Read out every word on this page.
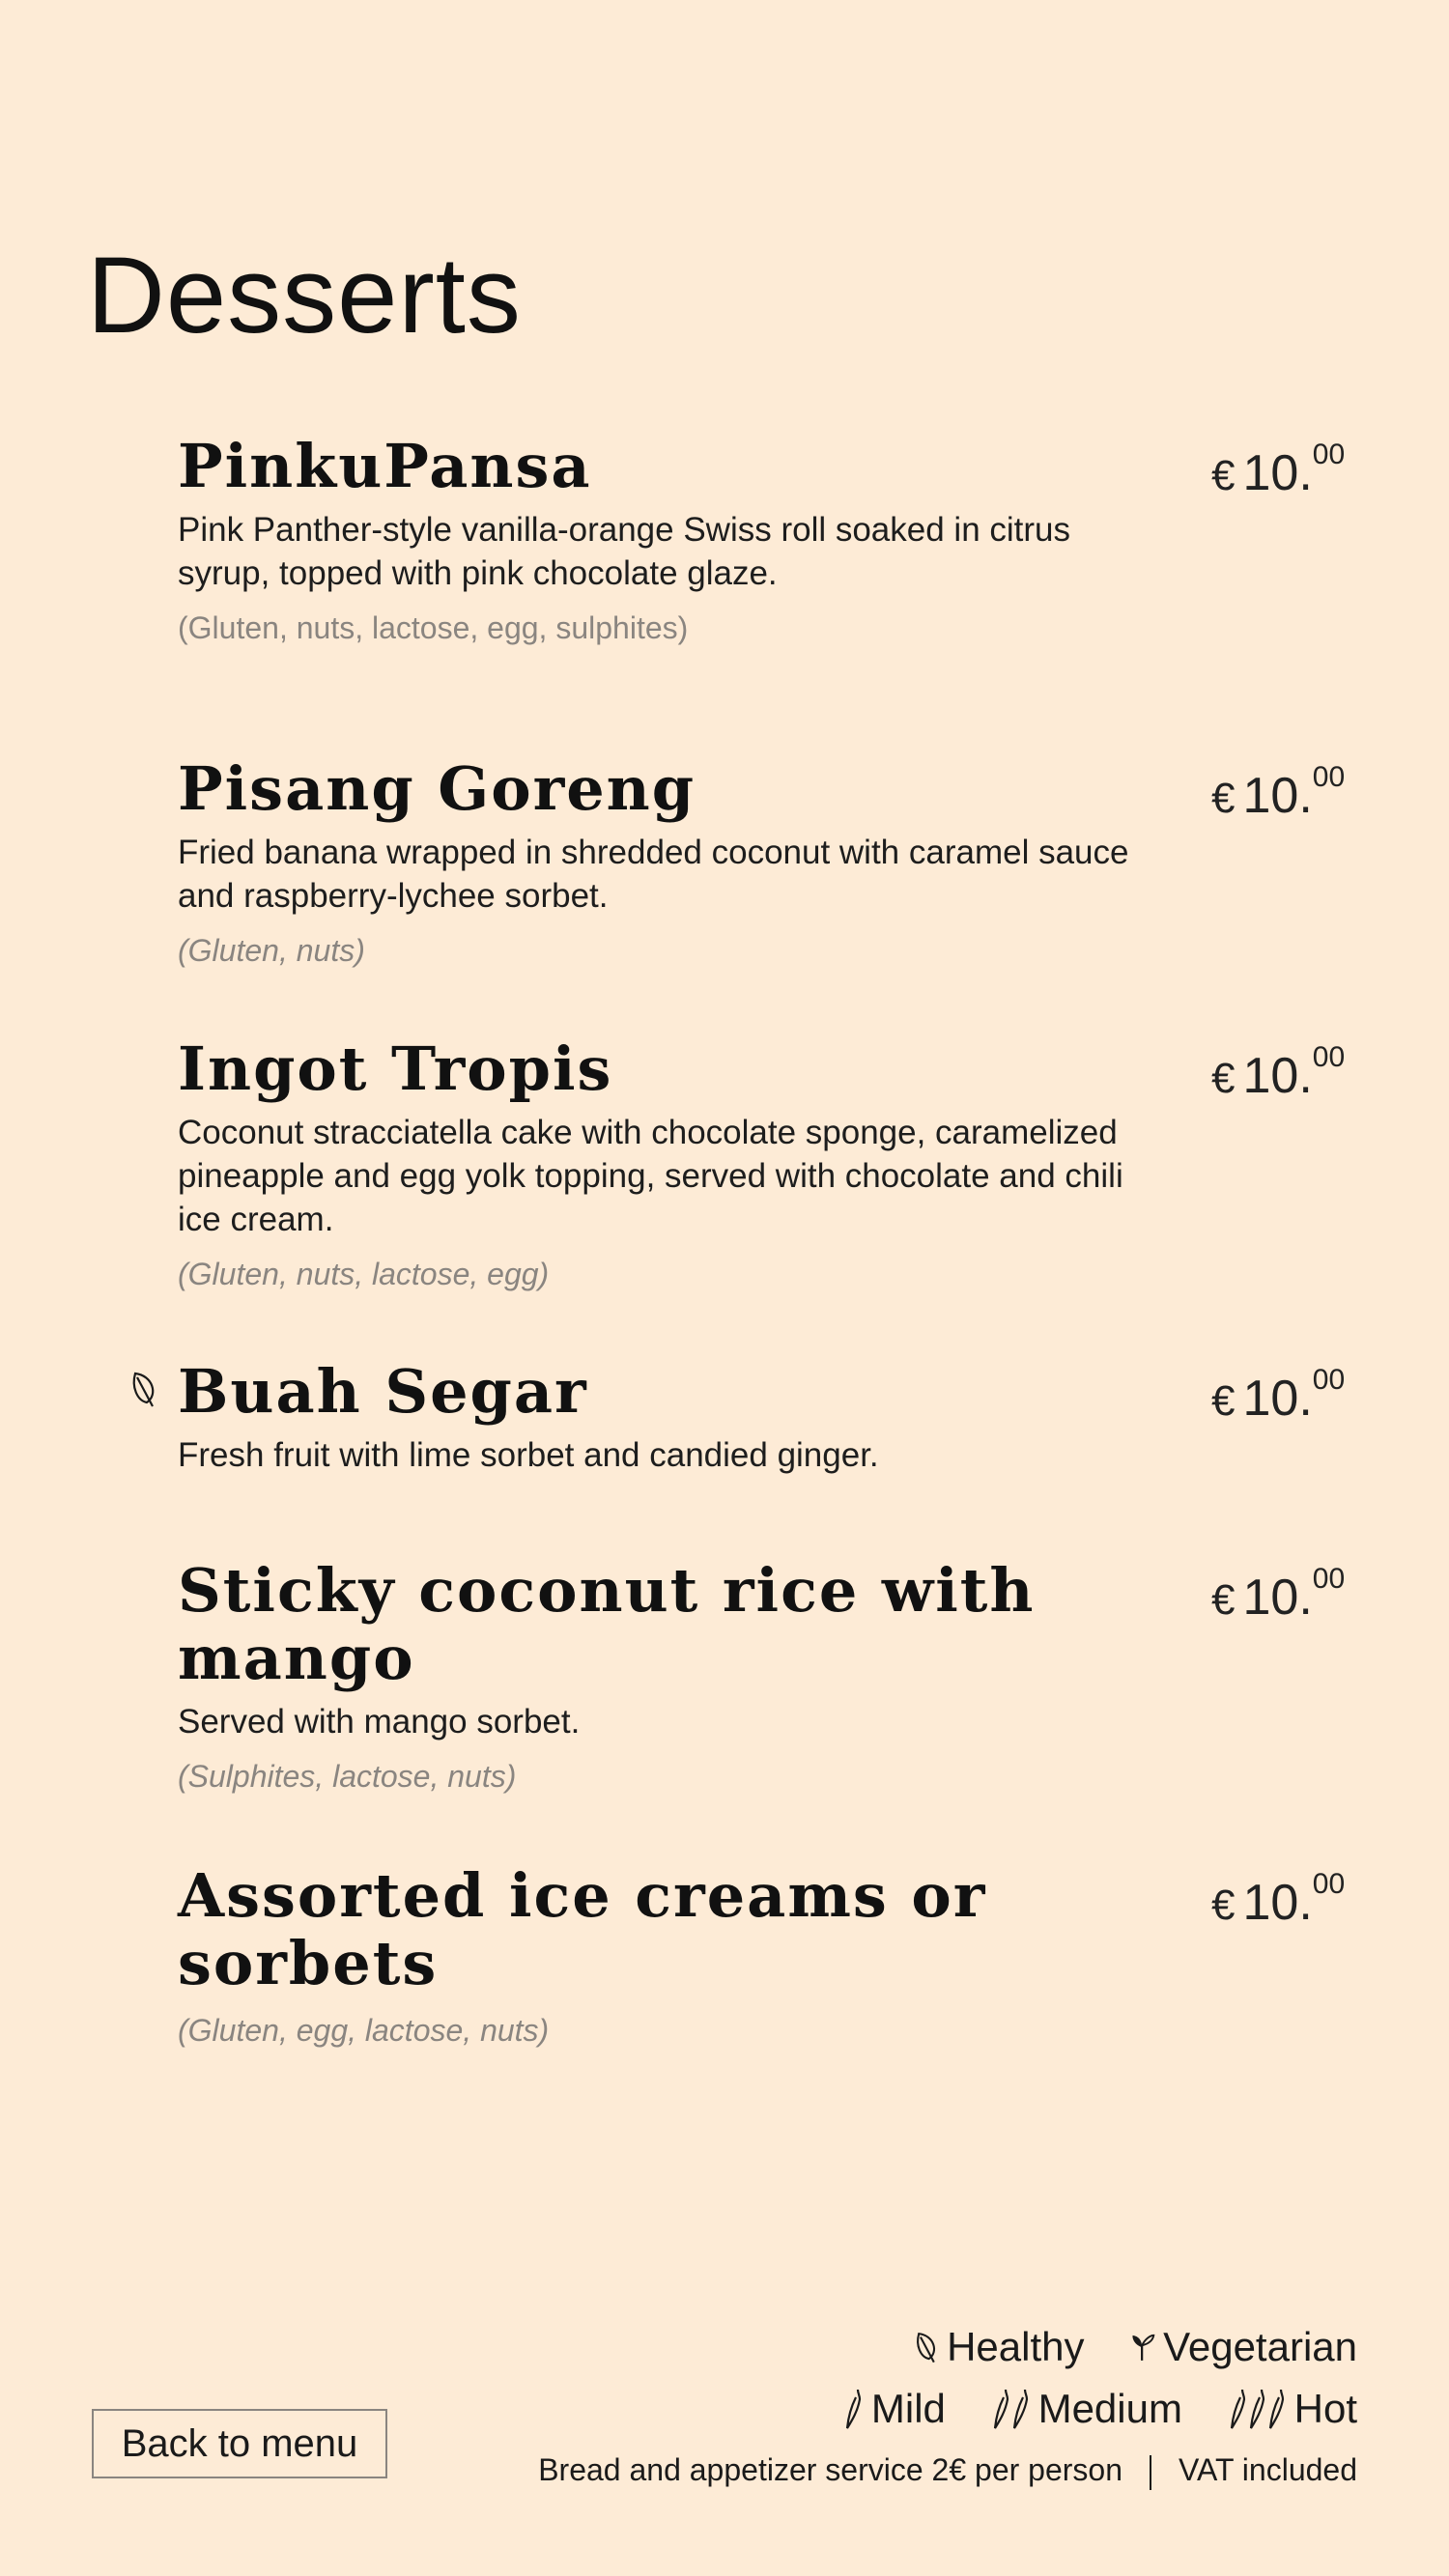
Desserts
PinkuPansa
Pink Panther-style vanilla-orange Swiss roll soaked in citrus syrup, topped with pink chocolate glaze.
(Gluten, nuts, lactose, egg, sulphites)
€ 10.00
Pisang Goreng
Fried banana wrapped in shredded coconut with caramel sauce and raspberry-lychee sorbet.
(Gluten, nuts)
€ 10.00
Ingot Tropis
Coconut stracciatella cake with chocolate sponge, caramelized pineapple and egg yolk topping, served with chocolate and chili ice cream.
(Gluten, nuts, lactose, egg)
€ 10.00
Buah Segar
Fresh fruit with lime sorbet and candied ginger.
€ 10.00
Sticky coconut rice with mango
Served with mango sorbet.
(Sulphites, lactose, nuts)
€ 10.00
Assorted ice creams or sorbets
(Gluten, egg, lactose, nuts)
€ 10.00
Back to menu
Healthy
Vegetarian
Mild
Medium
	Hot
Bread and appetizer service 2€ per person VAT included
